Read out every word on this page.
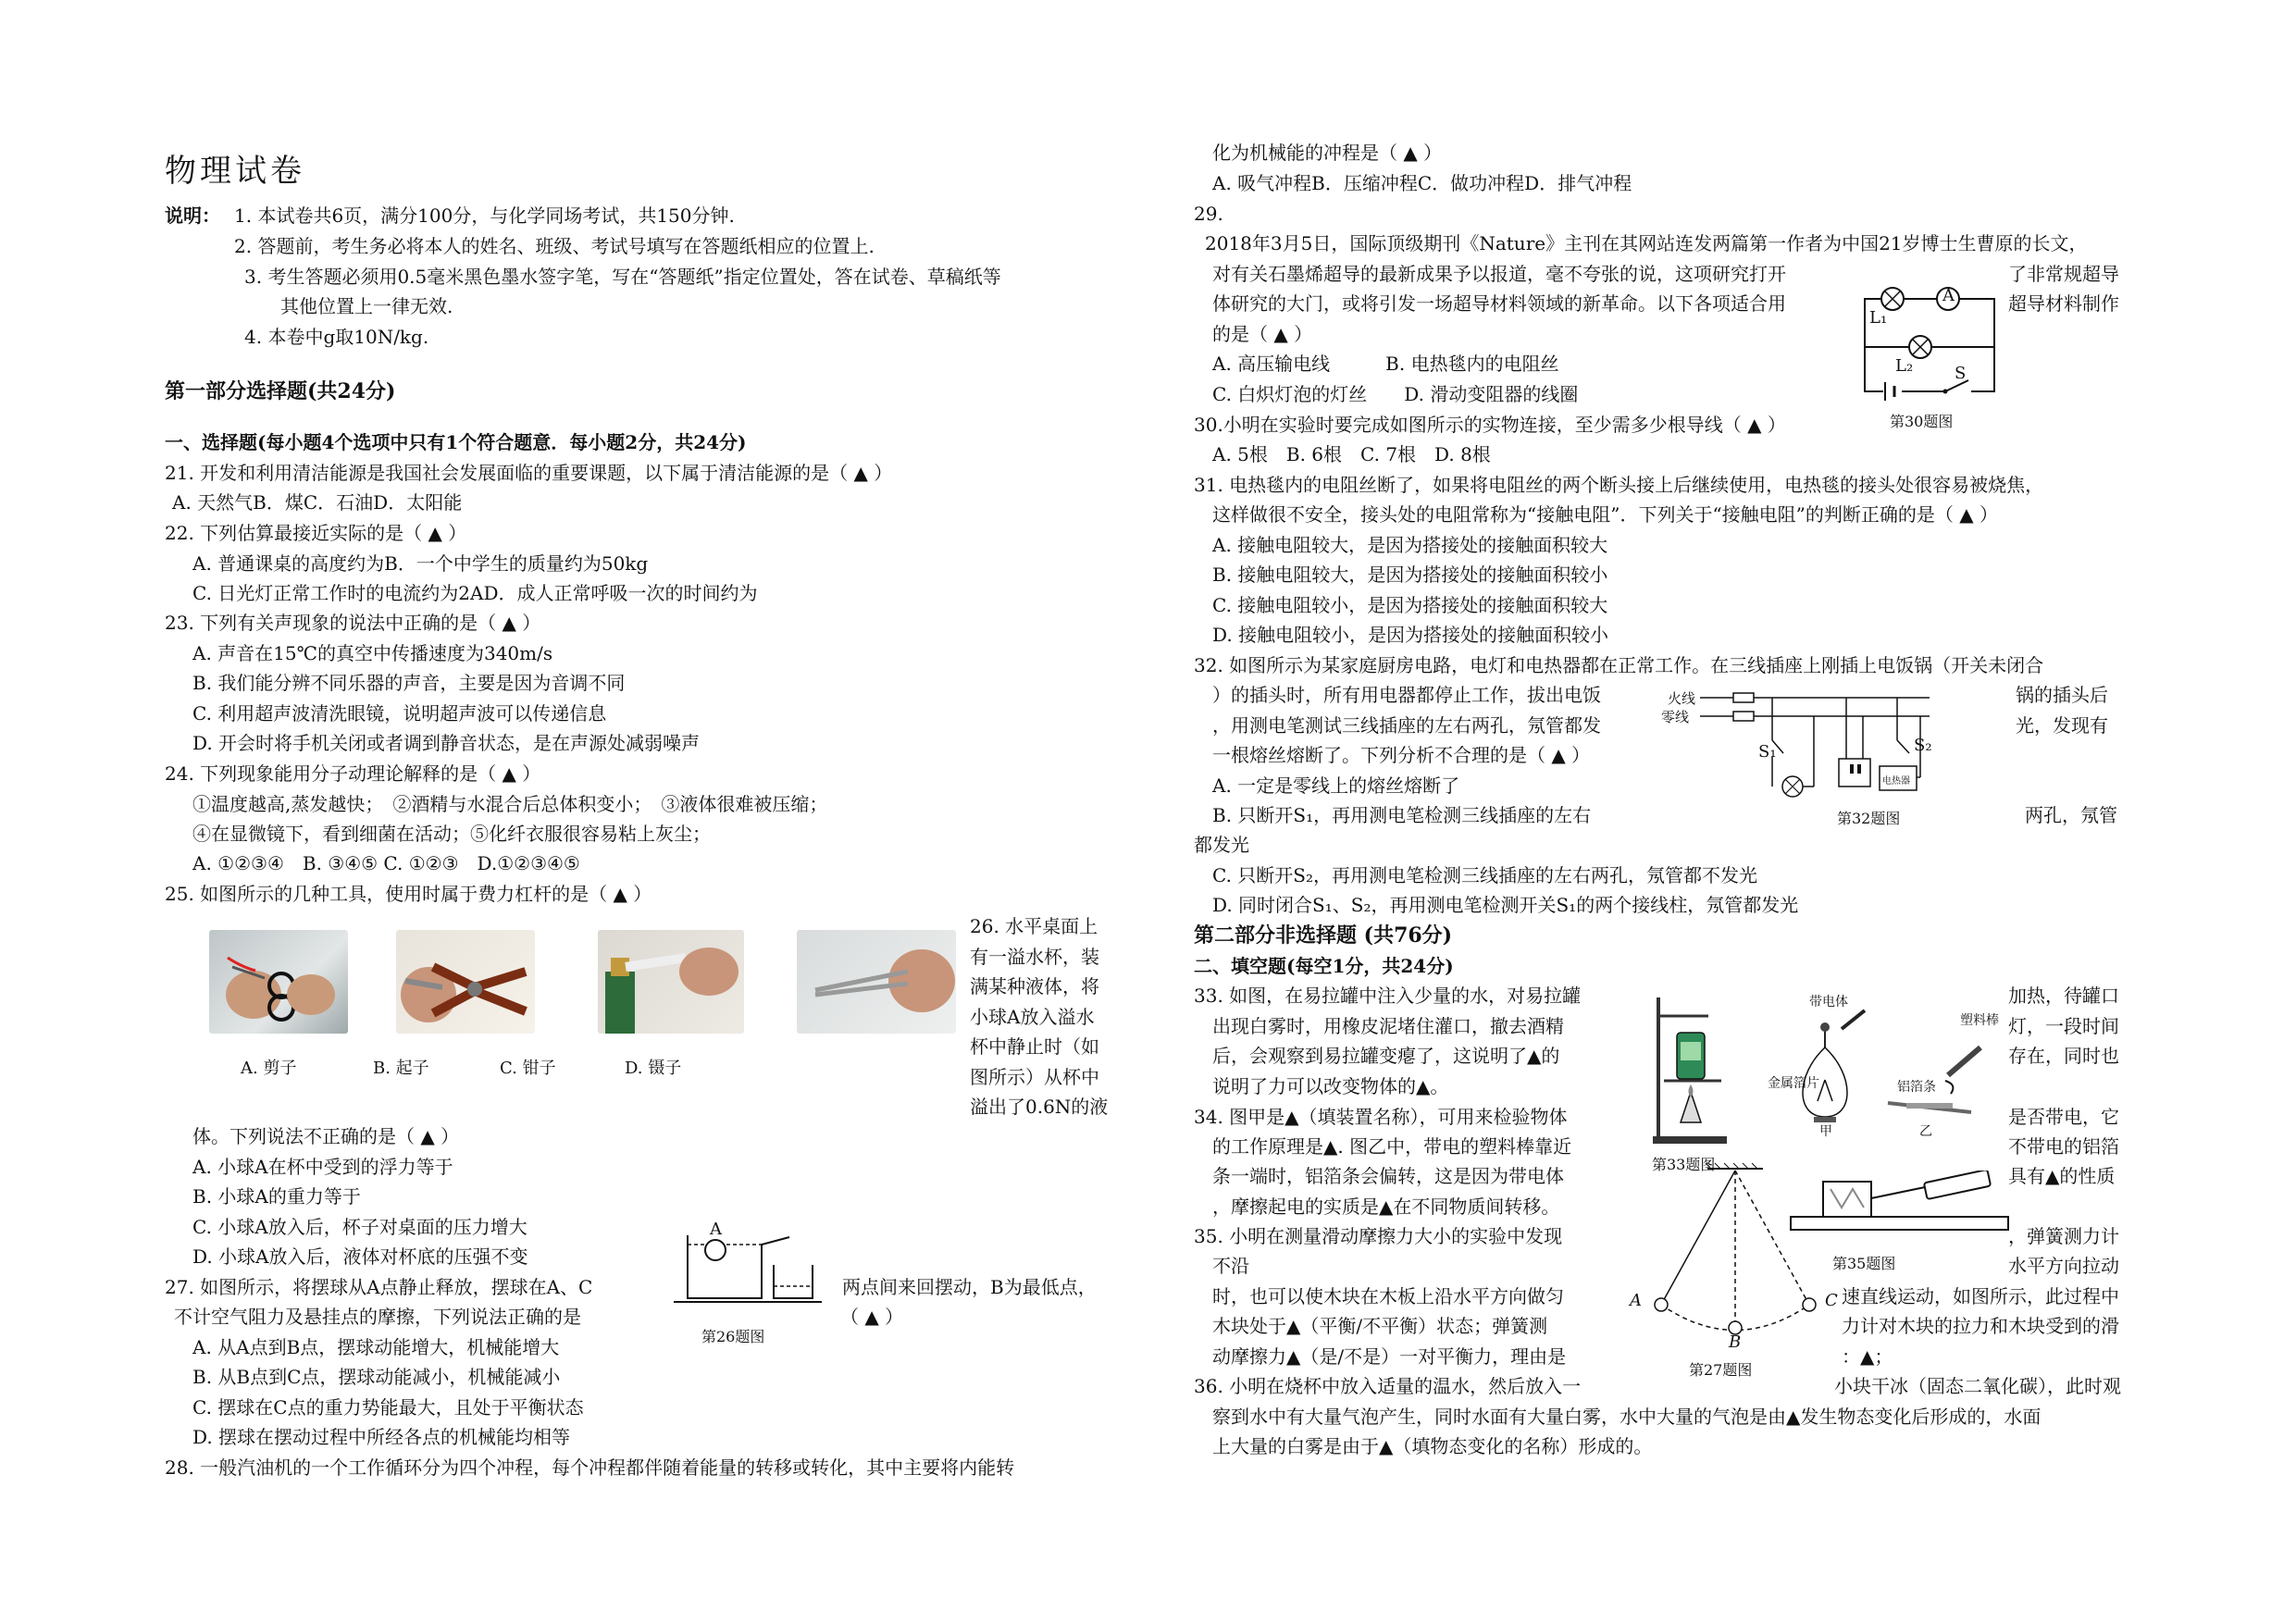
物理试卷
说明： 1. 本试卷共6页，满分100分，与化学同场考试，共150分钟.
2. 答题前，考生务必将本人的姓名、班级、考试号填写在答题纸相应的位置上.
3. 考生答题必须用0.5毫米黑色墨水签字笔，写在“答题纸”指定位置处，答在试卷、草稿纸等
其他位置上一律无效.
4. 本卷中g取10N/kg.
第一部分选择题(共24分)
一、选择题(每小题4个选项中只有1个符合题意．每小题2分，共24分)
21. 开发和利用清洁能源是我国社会发展面临的重要课题，以下属于清洁能源的是（ ▲ ）
A. 天然气B．煤C．石油D．太阳能
22. 下列估算最接近实际的是（ ▲ ）
A. 普通课桌的高度约为B．一个中学生的质量约为50kg
C. 日光灯正常工作时的电流约为2AD．成人正常呼吸一次的时间约为
23. 下列有关声现象的说法中正确的是（ ▲ ）
A. 声音在15℃的真空中传播速度为340m/s
B. 我们能分辨不同乐器的声音，主要是因为音调不同
C. 利用超声波清洗眼镜，说明超声波可以传递信息
D. 开会时将手机关闭或者调到静音状态，是在声源处减弱噪声
24. 下列现象能用分子动理论解释的是（ ▲ ）
①温度越高,蒸发越快；　②酒精与水混合后总体积变小；　③液体很难被压缩；
④在显微镜下，看到细菌在活动；⑤化纤衣服很容易粘上灰尘；
A. ①②③④　B. ③④⑤ C. ①②③　D.①②③④⑤
25. 如图所示的几种工具，使用时属于费力杠杆的是（ ▲ ）
A. 剪子	B. 起子	C. 钳子	D. 镊子
26. 水平桌面上
有一溢水杯，装
满某种液体，将
小球A放入溢水
杯中静止时（如
图所示）从杯中
溢出了0.6N的液
体。下列说法不正确的是（ ▲ ）
A. 小球A在杯中受到的浮力等于
B. 小球A的重力等于
C. 小球A放入后，杯子对桌面的压力增大
D. 小球A放入后，液体对杯底的压强不变
A
第26题图
27. 如图所示，将摆球从A点静止释放，摆球在A、C	两点间来回摆动，B为最低点，
不计空气阻力及悬挂点的摩擦，下列说法正确的是	（ ▲ ）
A. 从A点到B点，摆球动能增大，机械能增大
B. 从B点到C点，摆球动能减小，机械能减小
C. 摆球在C点的重力势能最大，且处于平衡状态
D. 摆球在摆动过程中所经各点的机械能均相等
28. 一般汽油机的一个工作循环分为四个冲程，每个冲程都伴随着能量的转移或转化，其中主要将内能转
化为机械能的冲程是（ ▲ ）
A. 吸气冲程B．压缩冲程C．做功冲程D．排气冲程
29.
2018年3月5日，国际顶级期刊《Nature》主刊在其网站连发两篇第一作者为中国21岁博士生曹原的长文，
对有关石墨烯超导的最新成果予以报道，毫不夸张的说，这项研究打开
体研究的大门，或将引发一场超导材料领域的新革命。以下各项适合用
的是（ ▲ ）
A. 高压输电线　　　B. 电热毯内的电阻丝
C. 白炽灯泡的灯丝　　D. 滑动变阻器的线圈
了非常规超导
超导材料制作
L₁
A
L₂ S
第30题图
30.小明在实验时要完成如图所示的实物连接，至少需多少根导线（ ▲ ）
A. 5根　B. 6根　C. 7根　D. 8根
31. 电热毯内的电阻丝断了，如果将电阻丝的两个断头接上后继续使用，电热毯的接头处很容易被烧焦，
这样做很不安全，接头处的电阻常称为“接触电阻”．下列关于“接触电阻”的判断正确的是（ ▲ ）
A. 接触电阻较大，是因为搭接处的接触面积较大
B. 接触电阻较大，是因为搭接处的接触面积较小
C. 接触电阻较小，是因为搭接处的接触面积较大
D. 接触电阻较小，是因为搭接处的接触面积较小
32. 如图所示为某家庭厨房电路，电灯和电热器都在正常工作。在三线插座上刚插上电饭锅（开关未闭合
）的插头时，所有用电器都停止工作，拔出电饭
，用测电笔测试三线插座的左右两孔，氖管都发
一根熔丝熔断了。下列分析不合理的是（ ▲ ）
A. 一定是零线上的熔丝熔断了
B. 只断开S₁，再用测电笔检测三线插座的左右
都发光
C. 只断开S₂，再用测电笔检测三线插座的左右两孔，氖管都不发光
D. 同时闭合S₁、S₂，再用测电笔检测开关S₁的两个接线柱，氖管都发光
锅的插头后
光，发现有
两孔，氖管
火线
零线
S₁	S₂
电热器
第32题图
第二部分非选择题 (共76分)
二、填空题(每空1分，共24分)
33. 如图，在易拉罐中注入少量的水，对易拉罐
出现白雾时，用橡皮泥堵住灌口，撤去酒精
后，会观察到易拉罐变瘪了，这说明了▲的
说明了力可以改变物体的▲。
加热，待罐口
灯，一段时间
存在，同时也
第33题图
带电体
塑料棒
金属箔片	铝箔条
甲	乙
34. 图甲是▲（填装置名称），可用来检验物体
的工作原理是▲. 图乙中，带电的塑料棒靠近
条一端时，铝箔条会偏转，这是因为带电体
，摩擦起电的实质是▲在不同物质间转移。
是否带电，它
不带电的铝箔
具有▲的性质
A
B
C
第27题图
第35题图
35. 小明在测量滑动摩擦力大小的实验中发现
不沿
时，也可以使木块在木板上沿水平方向做匀
木块处于▲（平衡/不平衡）状态；弹簧测
动摩擦力▲（是/不是）一对平衡力，理由是
，弹簧测力计
水平方向拉动
速直线运动，如图所示，此过程中
力计对木块的拉力和木块受到的滑
：▲；
36. 小明在烧杯中放入适量的温水，然后放入一	小块干冰（固态二氧化碳），此时观
察到水中有大量气泡产生，同时水面有大量白雾，水中大量的气泡是由▲发生物态变化后形成的，水面
上大量的白雾是由于▲（填物态变化的名称）形成的。
